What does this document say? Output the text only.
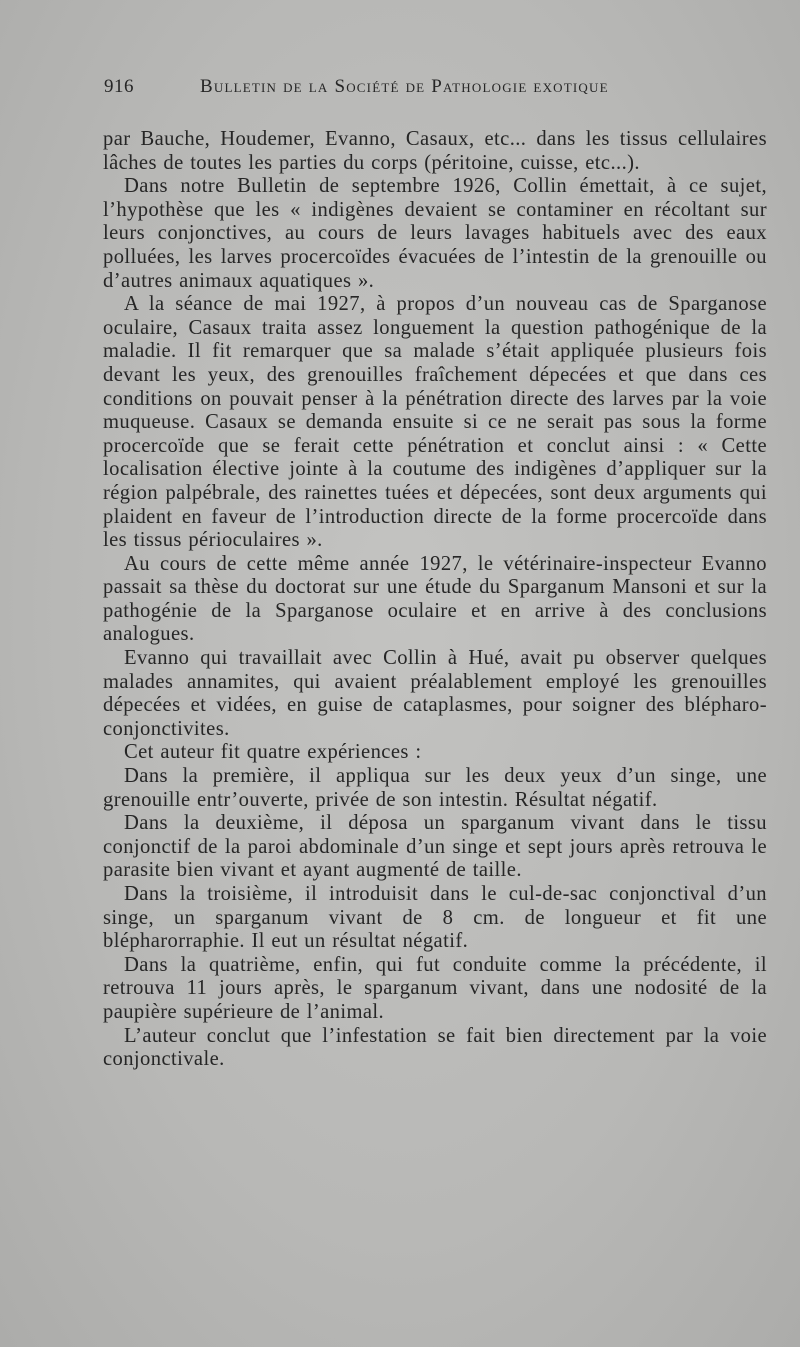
916	Bulletin de la Société de Pathologie exotique

par Bauche, Houdemer, Evanno, Casaux, etc... dans les tissus cellulaires lâches de toutes les parties du corps (péritoine, cuisse, etc...).

Dans notre Bulletin de septembre 1926, Collin émettait, à ce sujet, l’hypothèse que les « indigènes devaient se contaminer en récoltant sur leurs conjonctives, au cours de leurs lavages habituels avec des eaux polluées, les larves procercoïdes évacuées de l’intestin de la grenouille ou d’autres animaux aquatiques ».

A la séance de mai 1927, à propos d’un nouveau cas de Sparganose oculaire, Casaux traita assez longuement la question pathogénique de la maladie. Il fit remarquer que sa malade s’était appliquée plusieurs fois devant les yeux, des grenouilles fraîchement dépecées et que dans ces conditions on pouvait penser à la pénétration directe des larves par la voie muqueuse. Casaux se demanda ensuite si ce ne serait pas sous la forme procercoïde que se ferait cette pénétration et conclut ainsi : « Cette localisation élective jointe à la coutume des indigènes d’appliquer sur la région palpébrale, des rainettes tuées et dépecées, sont deux arguments qui plaident en faveur de l’introduction directe de la forme procercoïde dans les tissus périoculaires ».

Au cours de cette même année 1927, le vétérinaire-inspecteur Evanno passait sa thèse du doctorat sur une étude du Sparganum Mansoni et sur la pathogénie de la Sparganose oculaire et en arrive à des conclusions analogues.

Evanno qui travaillait avec Collin à Hué, avait pu observer quelques malades annamites, qui avaient préalablement employé les grenouilles dépecées et vidées, en guise de cataplasmes, pour soigner des blépharo-conjonctivites.

Cet auteur fit quatre expériences :

Dans la première, il appliqua sur les deux yeux d’un singe, une grenouille entr’ouverte, privée de son intestin. Résultat négatif.

Dans la deuxième, il déposa un sparganum vivant dans le tissu conjonctif de la paroi abdominale d’un singe et sept jours après retrouva le parasite bien vivant et ayant augmenté de taille.

Dans la troisième, il introduisit dans le cul-de-sac conjonctival d’un singe, un sparganum vivant de 8 cm. de longueur et fit une blépharorraphie. Il eut un résultat négatif.

Dans la quatrième, enfin, qui fut conduite comme la précédente, il retrouva 11 jours après, le sparganum vivant, dans une nodosité de la paupière supérieure de l’animal.

L’auteur conclut que l’infestation se fait bien directement par la voie conjonctivale.
